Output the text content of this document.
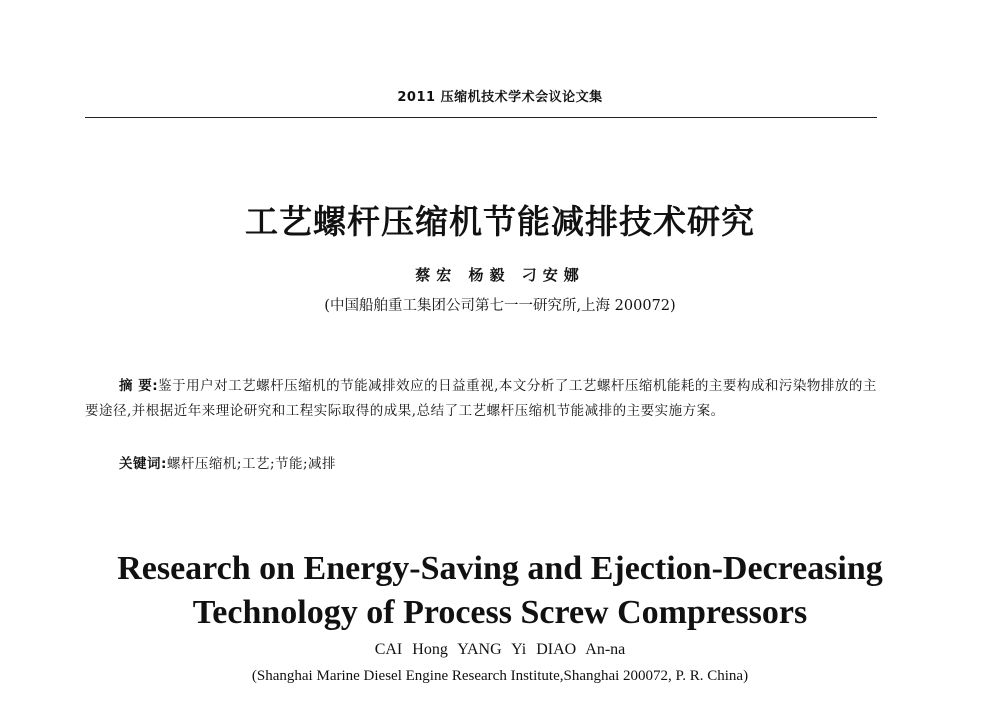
2011 压缩机技术学术会议论文集
工艺螺杆压缩机节能减排技术研究
蔡宏 杨毅 刁安娜
(中国船舶重工集团公司第七一一研究所,上海 200072)

摘 要:鉴于用户对工艺螺杆压缩机的节能减排效应的日益重视,本文分析了工艺螺杆压缩机能耗的主要构成和污染物排放的主要途径,并根据近年来理论研究和工程实际取得的成果,总结了工艺螺杆压缩机节能减排的主要实施方案。

关键词:螺杆压缩机;工艺;节能;减排
Research on Energy-Saving and Ejection-Decreasing
Technology of Process Screw Compressors
CAI Hong YANG Yi DIAO An-na
(Shanghai Marine Diesel Engine Research Institute,Shanghai 200072, P. R. China)
